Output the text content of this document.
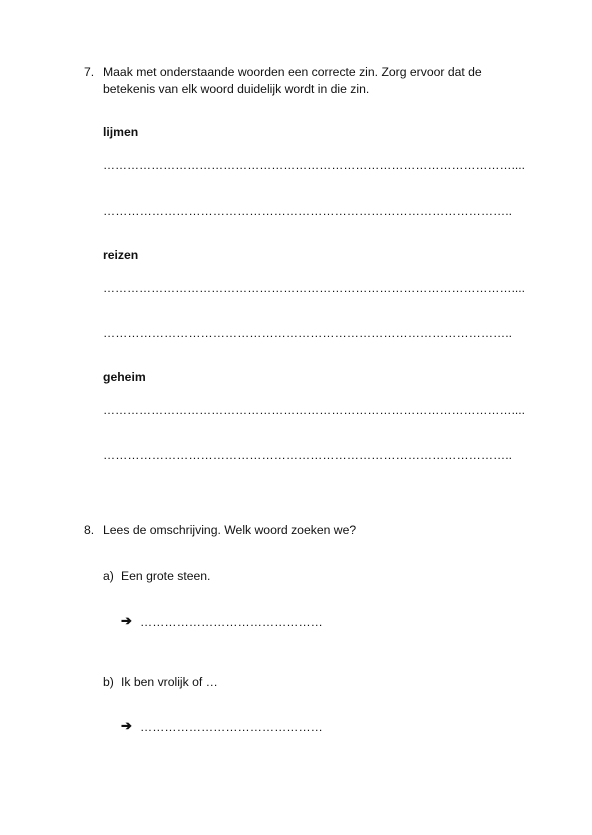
7. Maak met onderstaande woorden een correcte zin. Zorg ervoor dat de
betekenis van elk woord duidelijk wordt in die zin.
lijmen
…………………………………………………………………………………………....
………………………………………………………………………………………..
reizen
…………………………………………………………………………………………....
………………………………………………………………………………………..
geheim
…………………………………………………………………………………………....
………………………………………………………………………………………..
8. Lees de omschrijving. Welk woord zoeken we?
a) Een grote steen.
➔ ………………………………………
b) Ik ben vrolijk of …
➔ ………………………………………
